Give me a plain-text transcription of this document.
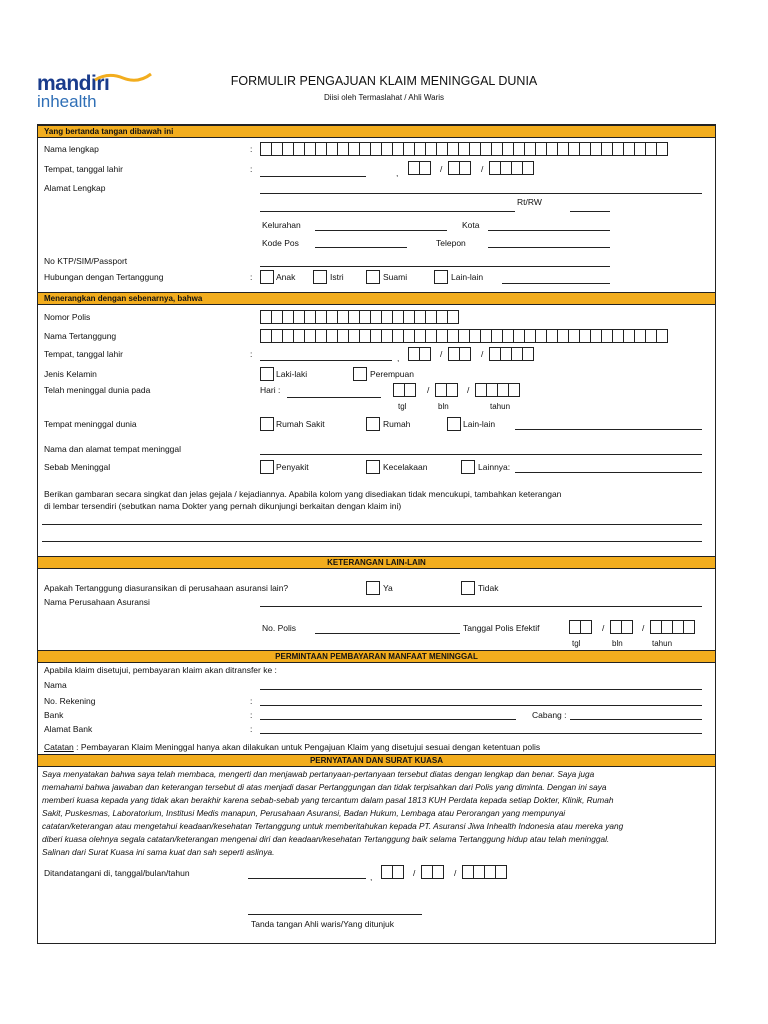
mandiri
inhealth
FORMULIR PENGAJUAN KLAIM MENINGGAL DUNIA
Diisi oleh Termaslahat / Ahli Waris
Yang bertanda tangan dibawah ini
Nama lengkap	:
Tempat, tanggal lahir	:	,	/	/
Alamat Lengkap
Rt/RW
Kelurahan	Kota
Kode Pos	Telepon
No KTP/SIM/Passport
Hubungan dengan Tertanggung	:	Anak	Istri	Suami	Lain-lain
Menerangkan dengan sebenarnya, bahwa
Nomor Polis
Nama Tertanggung
Tempat, tanggal lahir	:	,	/	/
Jenis Kelamin	Laki-laki	Perempuan
Telah meninggal dunia pada	Hari :	/	/
tgl	bln	tahun
Tempat meninggal dunia	Rumah Sakit	Rumah	Lain-lain
Nama dan alamat tempat meninggal
Sebab Meninggal	Penyakit	Kecelakaan	Lainnya:
Berikan gambaran secara singkat dan jelas gejala / kejadiannya. Apabila kolom yang disediakan tidak mencukupi, tambahkan keterangan
di lembar tersendiri (sebutkan nama Dokter yang pernah dikunjungi berkaitan dengan klaim ini)
KETERANGAN LAIN-LAIN
Apakah Tertanggung diasuransikan di perusahaan asuransi lain?	Ya	Tidak
Nama Perusahaan Asuransi
No. Polis	Tanggal Polis Efektif	/	/
tgl	bln	tahun
PERMINTAAN PEMBAYARAN MANFAAT MENINGGAL
Apabila klaim disetujui, pembayaran klaim akan ditransfer ke :
Nama
No. Rekening	:
Bank	:	Cabang :
Alamat Bank	:
Catatan : Pembayaran Klaim Meninggal hanya akan dilakukan untuk Pengajuan Klaim yang disetujui sesuai dengan ketentuan polis
PERNYATAAN DAN SURAT KUASA
Saya menyatakan bahwa saya telah membaca, mengerti dan menjawab pertanyaan-pertanyaan tersebut diatas dengan lengkap dan benar. Saya juga
memahami bahwa jawaban dan keterangan tersebut di atas menjadi dasar Pertanggungan dan tidak terpisahkan dari Polis yang diminta. Dengan ini saya
memberi kuasa kepada yang tidak akan berakhir karena sebab-sebab yang tercantum dalam pasal 1813 KUH Perdata kepada setiap Dokter, Klinik, Rumah
Sakit, Puskesmas, Laboratorium, Institusi Medis manapun, Perusahaan Asuransi, Badan Hukum, Lembaga atau Perorangan yang mempunyai
catatan/keterangan atau mengetahui keadaan/kesehatan Tertanggung untuk memberitahukan kepada PT. Asuransi Jiwa Inhealth Indonesia atau mereka yang
diberi kuasa olehnya segala catatan/keterangan mengenai diri dan keadaan/kesehatan Tertanggung baik selama Tertanggung hidup atau telah meninggal.
Salinan dari Surat Kuasa ini sama kuat dan sah seperti aslinya.
Ditandatangani di, tanggal/bulan/tahun	,	/	/
Tanda tangan Ahli waris/Yang ditunjuk
